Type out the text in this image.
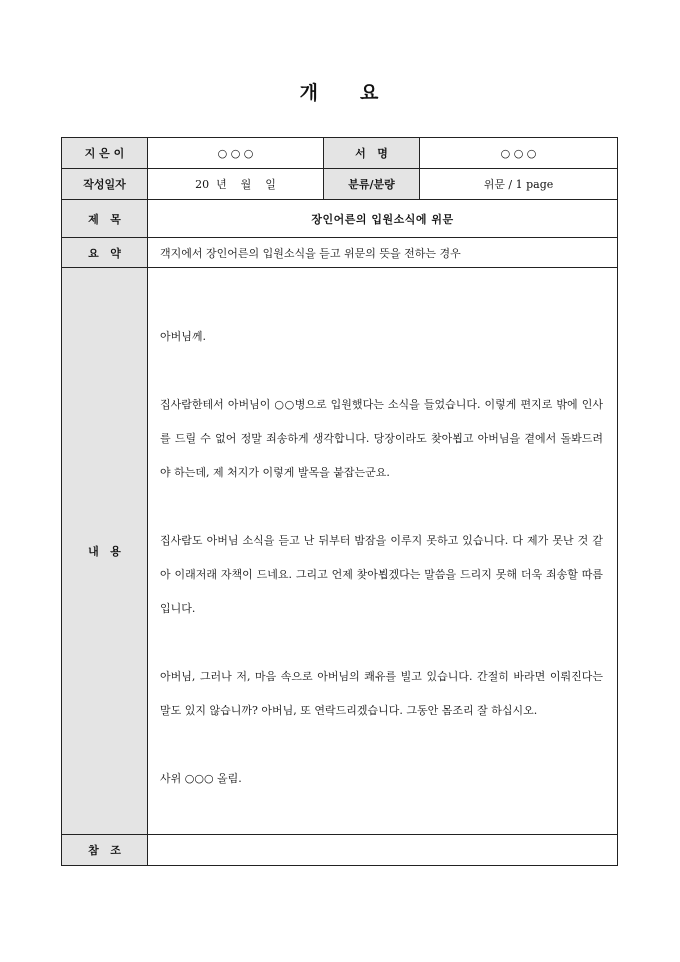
개 요
지 은 이	○ ○ ○	서   명	○ ○ ○
작성일자	20  년    월    일	분류/분량	위문 / 1 page
제   목	장인어른의 입원소식에 위문		
요   약	객지에서 장인어른의 입원소식을 듣고 위문의 뜻을 전하는 경우		
내   용	아버님께.

집사람한테서 아버님이 ○○병으로 입원했다는 소식을 들었습니다. 이렇게 편지로 밖에 인사를 드릴 수 없어 정말 죄송하게 생각합니다. 당장이라도 찾아뵙고 아버님을 곁에서 돌봐드려야 하는데, 제 처지가 이렇게 발목을 붙잡는군요.

집사람도 아버님 소식을 듣고 난 뒤부터 밤잠을 이루지 못하고 있습니다. 다 제가 못난 것 같아 이래저래 자책이 드네요. 그리고 언제 찾아뵙겠다는 말씀을 드리지 못해 더욱 죄송할 따름입니다.

아버님, 그러나 저, 마음 속으로 아버님의 쾌유를 빌고 있습니다. 간절히 바라면 이뤄진다는 말도 있지 않습니까? 아버님, 또 연락드리겠습니다. 그동안 몸조리 잘 하십시오.

사위 ○○○ 올림.		

참   조			
